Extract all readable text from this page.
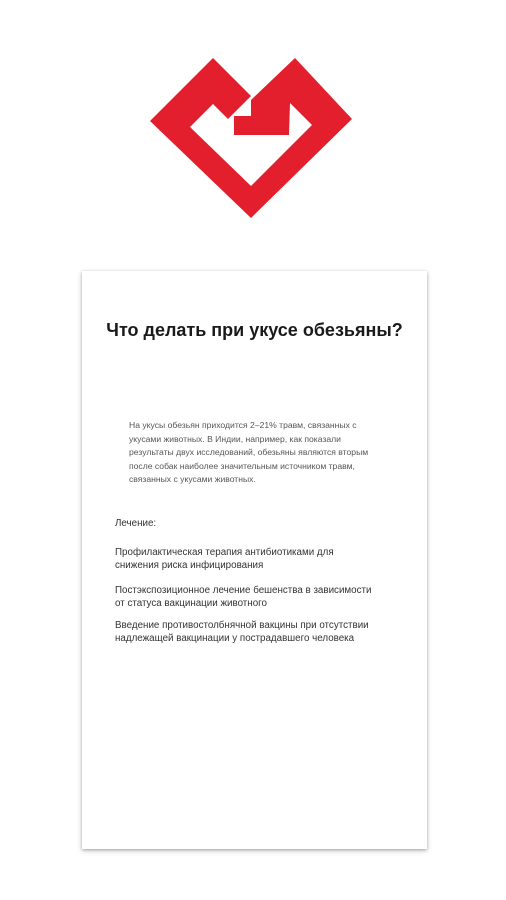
Что делать при укусе обезьяны?

На укусы обезьян приходится 2–21% травм, связанных с укусами животных. В Индии, например, как показали результаты двух исследований, обезьяны являются вторым после собак наиболее значительным источником травм, связанных с укусами животных.

Лечение:

Профилактическая терапия антибиотиками для снижения риска инфицирования

Постэкспозиционное лечение бешенства в зависимости от статуса вакцинации животного

Введение противостолбнячной вакцины при отсутствии надлежащей вакцинации у пострадавшего человека
